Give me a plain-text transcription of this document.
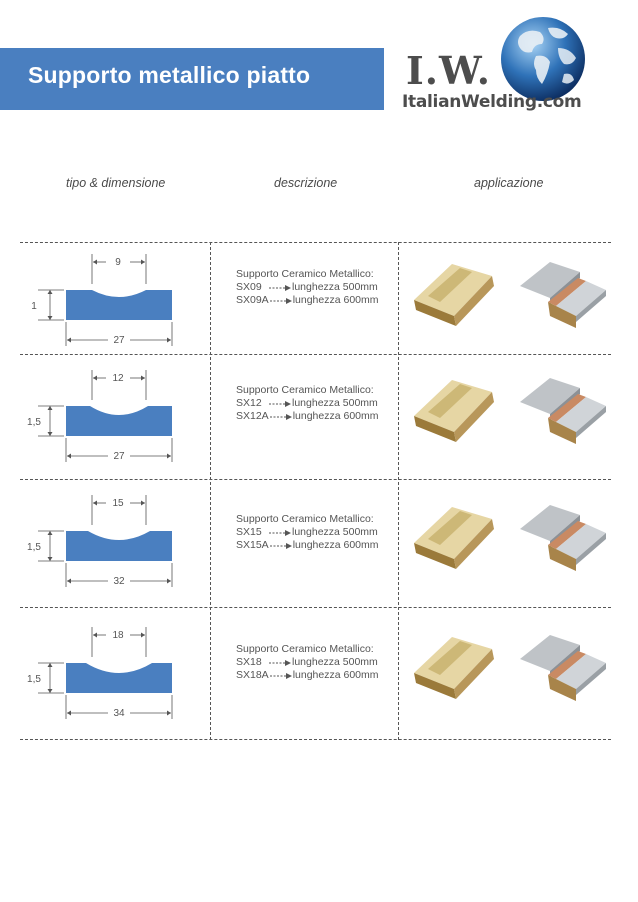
Supporto metallico piatto	I.W.
ItalianWelding.com
tipo & dimensione	descrizione	applicazione
9
1
27
Supporto Ceramico Metallico:
SX09	lunghezza 500mm
SX09A lunghezza 600mm
12
1,5
27
Supporto Ceramico Metallico:
SX12	lunghezza 500mm
SX12A lunghezza 600mm
15
1,5
32
Supporto Ceramico Metallico:
SX15	lunghezza 500mm
SX15A lunghezza 600mm
18
1,5
34
Supporto Ceramico Metallico:
SX18	lunghezza 500mm
SX18A lunghezza 600mm
